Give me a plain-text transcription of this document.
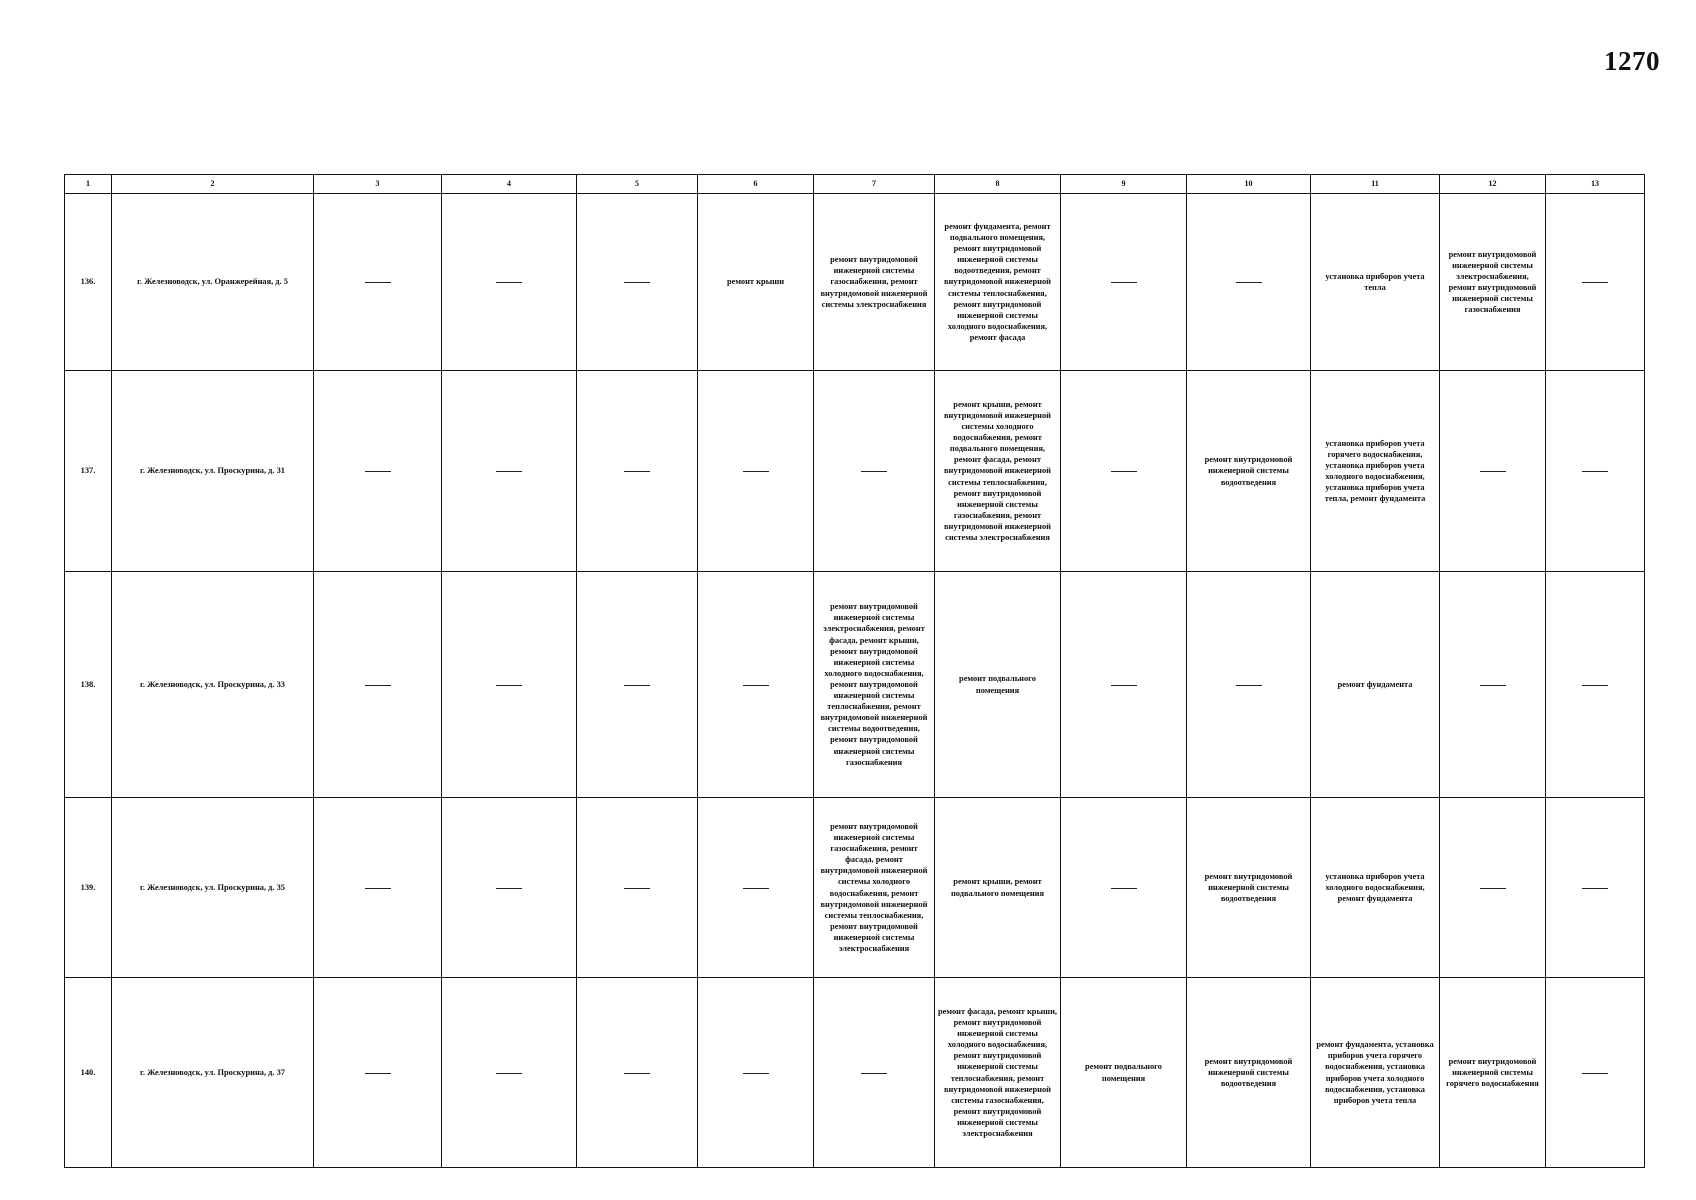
1270
1	2	3	4	5	6	7	8	9	10	11	12	13
136.	г. Железноводск, ул. Оранжерейная, д. 5				ремонт крыши	ремонт внутридомовой инженерной системы газоснабжения, ремонт внутридомовой инженерной системы электроснабжения	ремонт фундамента, ремонт подвального помещения, ремонт внутридомовой инженерной системы водоотведения, ремонт внутридомовой инженерной системы теплоснабжения, ремонт внутридомовой инженерной системы холодного водоснабжения, ремонт фасада			установка приборов учета тепла	ремонт внутридомовой инженерной системы электроснабжения, ремонт внутридомовой инженерной системы газоснабжения	
137.	г. Железноводск, ул. Проскурина, д. 31						ремонт крыши, ремонт внутридомовой инженерной системы холодного водоснабжения, ремонт подвального помещения, ремонт фасада, ремонт внутридомовой инженерной системы теплоснабжения, ремонт внутридомовой инженерной системы газоснабжения, ремонт внутридомовой инженерной системы электроснабжения		ремонт внутридомовой инженерной системы водоотведения	установка приборов учета горячего водоснабжения, установка приборов учета холодного водоснабжения, установка приборов учета тепла, ремонт фундамента		
138.	г. Железноводск, ул. Проскурина, д. 33					ремонт внутридомовой инженерной системы электроснабжения, ремонт фасада, ремонт крыши, ремонт внутридомовой инженерной системы холодного водоснабжения, ремонт внутридомовой инженерной системы теплоснабжения, ремонт внутридомовой инженерной системы водоотведения, ремонт внутридомовой инженерной системы газоснабжения	ремонт подвального помещения			ремонт фундамента		
139.	г. Железноводск, ул. Проскурина, д. 35					ремонт внутридомовой инженерной системы газоснабжения, ремонт фасада, ремонт внутридомовой инженерной системы холодного водоснабжения, ремонт внутридомовой инженерной системы теплоснабжения, ремонт внутридомовой инженерной системы электроснабжения	ремонт крыши, ремонт подвального помещения		ремонт внутридомовой инженерной системы водоотведения	установка приборов учета холодного водоснабжения, ремонт фундамента		
140.	г. Железноводск, ул. Проскурина, д. 37						ремонт фасада, ремонт крыши, ремонт внутридомовой инженерной системы холодного водоснабжения, ремонт внутридомовой инженерной системы теплоснабжения, ремонт внутридомовой инженерной системы газоснабжения, ремонт внутридомовой инженерной системы электроснабжения	ремонт подвального помещения	ремонт внутридомовой инженерной системы водоотведения	ремонт фундамента, установка приборов учета горячего водоснабжения, установка приборов учета холодного водоснабжения, установка приборов учета тепла	ремонт внутридомовой инженерной системы горячего водоснабжения	
